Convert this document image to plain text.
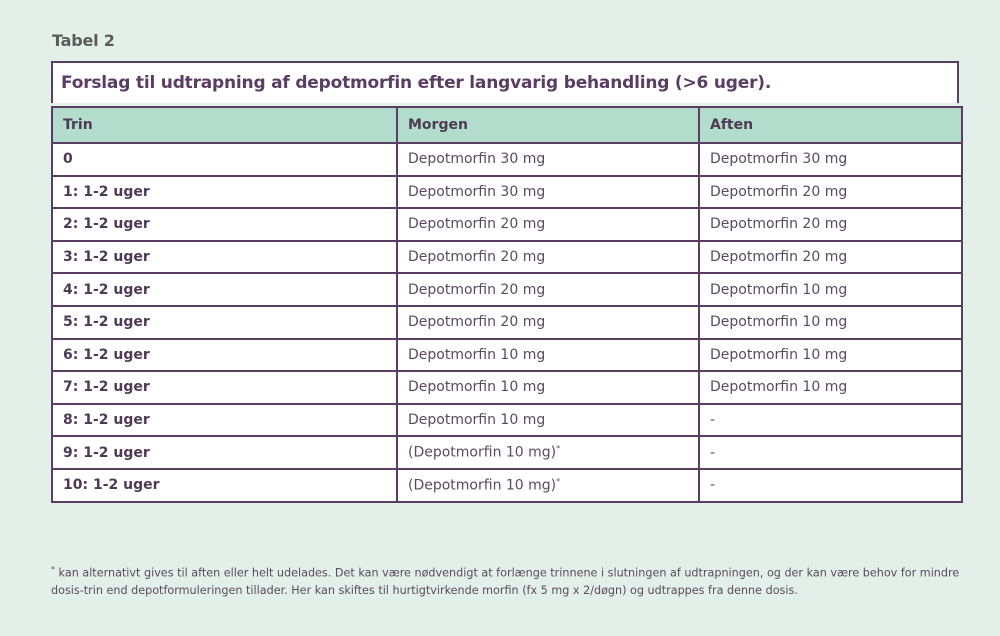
Tabel 2
Forslag til udtrapning af depotmorfin efter langvarig behandling (>6 uger).
Trin	Morgen	Aften
0	Depotmorfin 30 mg	Depotmorfin 30 mg
1: 1-2 uger	Depotmorfin 30 mg	Depotmorfin 20 mg
2: 1-2 uger	Depotmorfin 20 mg	Depotmorfin 20 mg
3: 1-2 uger	Depotmorfin 20 mg	Depotmorfin 20 mg
4: 1-2 uger	Depotmorfin 20 mg	Depotmorfin 10 mg
5: 1-2 uger	Depotmorfin 20 mg	Depotmorfin 10 mg
6: 1-2 uger	Depotmorfin 10 mg	Depotmorfin 10 mg
7: 1-2 uger	Depotmorfin 10 mg	Depotmorfin 10 mg
8: 1-2 uger	Depotmorfin 10 mg	-
9: 1-2 uger	(Depotmorfin 10 mg)*	-
10: 1-2 uger	(Depotmorfin 10 mg)*	-
* kan alternativt gives til aften eller helt udelades. Det kan være nødvendigt at forlænge trinnene i slutningen af udtrapningen, og der kan være behov for mindre dosis-trin end depotformuleringen tillader. Her kan skiftes til hurtigtvirkende morfin (fx 5 mg x 2/døgn) og udtrappes fra denne dosis.
